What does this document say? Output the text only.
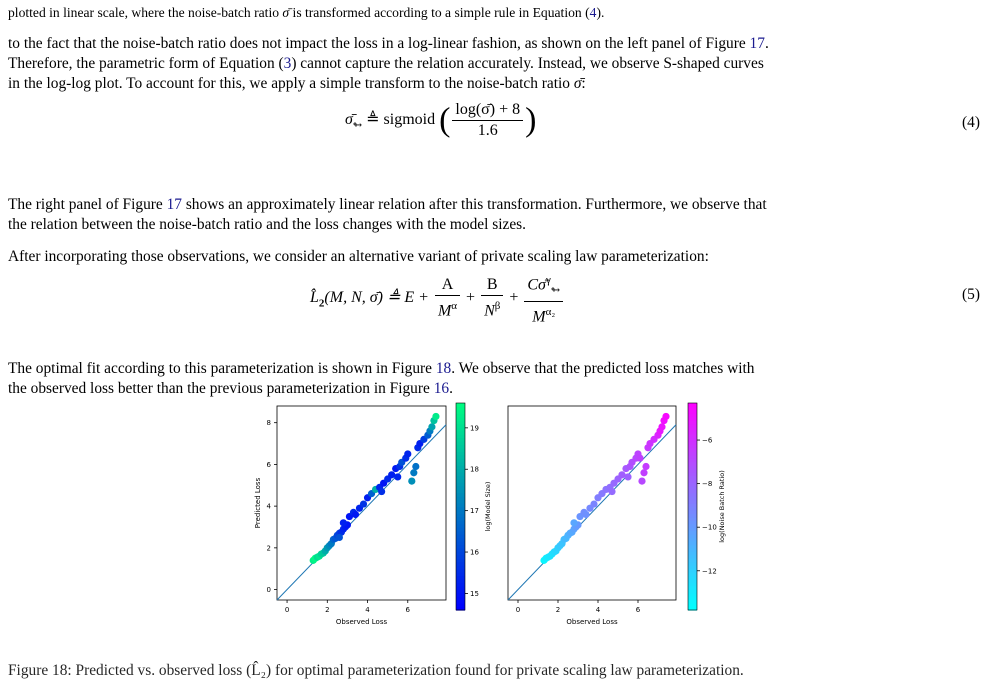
plotted in linear scale, where the noise-batch ratio σ̄ is transformed according to a simple rule in Equation (4).
to the fact that the noise-batch ratio does not impact the loss in a log-linear fashion, as shown on the left panel of Figure 17.
Therefore, the parametric form of Equation (3) cannot capture the relation accurately. Instead, we observe S-shaped curves
in the log-log plot. To account for this, we apply a simple transform to the noise-batch ratio σ̄:
$\sigmā_↬$ ≜ sigmoid ( $\frac{\log(\sigmā) + 8}{1.6}$ )	(4)
The right panel of Figure 17 shows an approximately linear relation after this transformation. Furthermore, we observe that
the relation between the noise-batch ratio and the loss changes with the model sizes.
After incorporating those observations, we consider an alternative variant of private scaling law parameterization:
$L̂_2(M$, N, σ̄) ≜ $E + \frac{A}{M^\alpha} + \frac{B}{N^\beta} + \frac{C\sigmā^\gamma_↬}{M^{\alpha_2}}$	(5)
The optimal fit according to this parameterization is shown in Figure 18. We observe that the predicted loss matches with
the observed loss better than the previous parameterization in Figure 16.
0	2	4	6
0
2
4
6
8
Observed Loss
Predicted Loss
15
16
17
18
19
log(Model Size)
0	2	4	6
Observed Loss
−12
−10
−8
−6
log(Noise Batch Ratio)
Figure 18: Predicted vs. observed loss (L̂₂) for optimal parameterization found for private scaling law parameterization.
